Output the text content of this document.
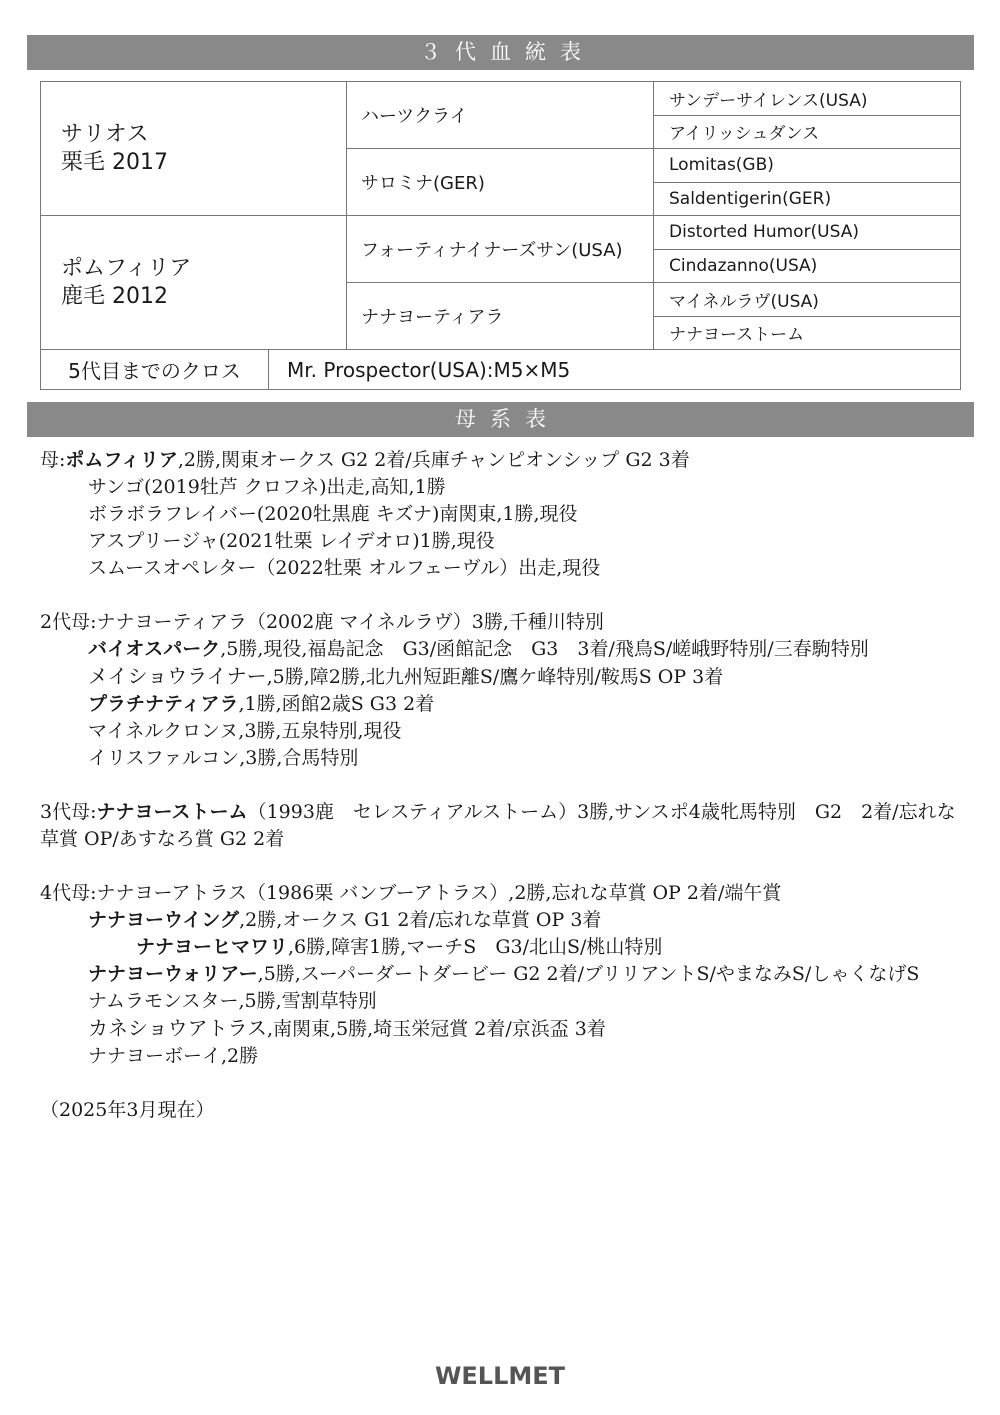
３代血統表
サリオス
栗毛 2017
ポムフィリア
鹿毛 2012
ハーツクライ
サロミナ(GER)
フォーティナイナーズサン(USA)
ナナヨーティアラ
サンデーサイレンス(USA)
アイリッシュダンス
Lomitas(GB)
Saldentigerin(GER)
Distorted Humor(USA)
Cindazanno(USA)
マイネルラヴ(USA)
ナナヨーストーム
5代目までのクロス	Mr. Prospector(USA):M5×M5
母系表
母:ポムフィリア,2勝,関東オークス G2 2着/兵庫チャンピオンシップ G2 3着
サンゴ(2019牡芦 クロフネ)出走,高知,1勝
ボラボラフレイバー(2020牡黒鹿 キズナ)南関東,1勝,現役
アスプリージャ(2021牡栗 レイデオロ)1勝,現役
スムースオペレター（2022牡栗 オルフェーヴル）出走,現役
2代母:ナナヨーティアラ（2002鹿 マイネルラヴ）3勝,千種川特別
バイオスパーク,5勝,現役,福島記念　G3/函館記念　G3　3着/飛鳥S/嵯峨野特別/三春駒特別
メイショウライナー,5勝,障2勝,北九州短距離S/鷹ケ峰特別/鞍馬S OP 3着
プラチナティアラ,1勝,函館2歳S G3 2着
マイネルクロンヌ,3勝,五泉特別,現役
イリスファルコン,3勝,合馬特別
3代母:ナナヨーストーム（1993鹿　セレスティアルストーム）3勝,サンスポ4歳牝馬特別　G2　2着/忘れな草賞 OP/あすなろ賞 G2 2着
4代母:ナナヨーアトラス（1986栗 バンブーアトラス）,2勝,忘れな草賞 OP 2着/端午賞
ナナヨーウイング,2勝,オークス G1 2着/忘れな草賞 OP 3着
ナナヨーヒマワリ,6勝,障害1勝,マーチS　G3/北山S/桃山特別
ナナヨーウォリアー,5勝,スーパーダートダービー G2 2着/ブリリアントS/やまなみS/しゃくなげS
ナムラモンスター,5勝,雪割草特別
カネショウアトラス,南関東,5勝,埼玉栄冠賞 2着/京浜盃 3着
ナナヨーボーイ,2勝
（2025年3月現在）
WELLMET
